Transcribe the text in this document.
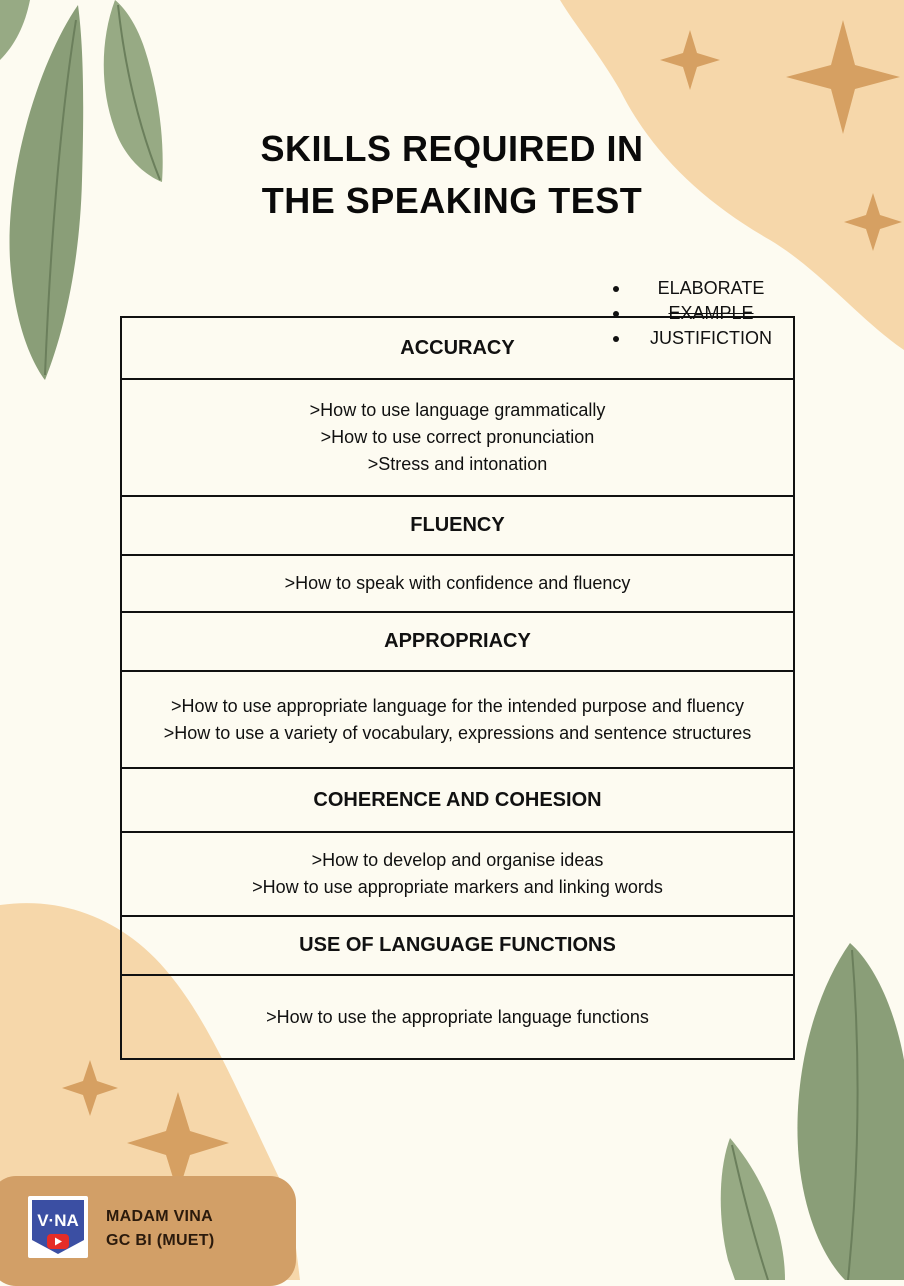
SKILLS REQUIRED IN
THE SPEAKING TEST
ELABORATE
EXAMPLE
JUSTIFICTION
ACCURACY

>How to use language grammatically
>How to use correct pronunciation
>Stress and intonation

FLUENCY

>How to speak with confidence and fluency

APPROPRIACY

>How to use appropriate language for the intended purpose and fluency
>How to use a variety of vocabulary, expressions and sentence structures

COHERENCE AND COHESION

>How to develop and organise ideas
>How to use appropriate markers and linking words

USE OF LANGUAGE FUNCTIONS

>How to use the appropriate language functions
V·NA MADAM VINA
GC BI (MUET)
